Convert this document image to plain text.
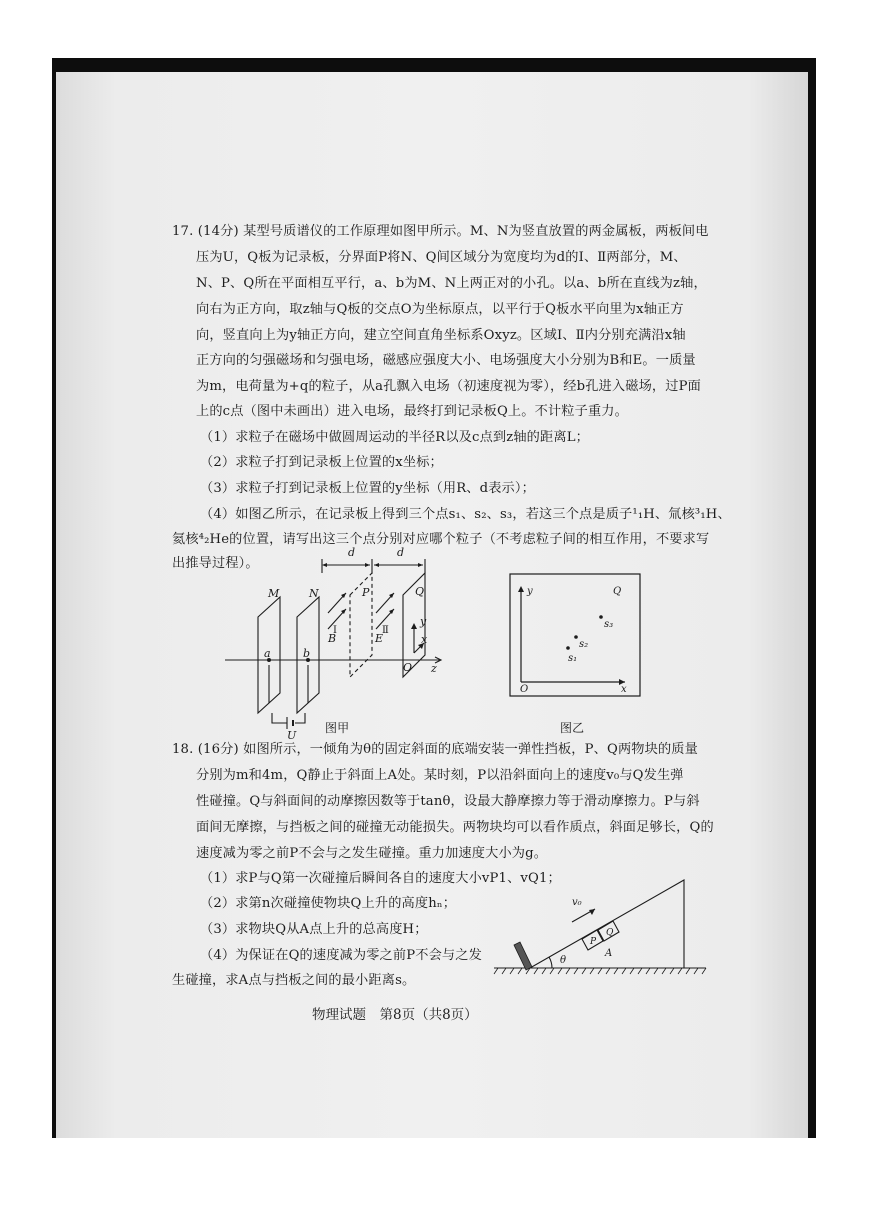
17. (14分) 某型号质谱仪的工作原理如图甲所示。M、N为竖直放置的两金属板，两板间电
压为U，Q板为记录板，分界面P将N、Q间区域分为宽度均为d的Ⅰ、Ⅱ两部分，M、
N、P、Q所在平面相互平行，a、b为M、N上两正对的小孔。以a、b所在直线为z轴，
向右为正方向，取z轴与Q板的交点O为坐标原点，以平行于Q板水平向里为x轴正方
向，竖直向上为y轴正方向，建立空间直角坐标系Oxyz。区域Ⅰ、Ⅱ内分别充满沿x轴
正方向的匀强磁场和匀强电场，磁感应强度大小、电场强度大小分别为B和E。一质量
为m，电荷量为+q的粒子，从a孔飘入电场（初速度视为零），经b孔进入磁场，过P面
上的c点（图中未画出）进入电场，最终打到记录板Q上。不计粒子重力。
（1）求粒子在磁场中做圆周运动的半径R以及c点到z轴的距离L；
（2）求粒子打到记录板上位置的x坐标；
（3）求粒子打到记录板上位置的y坐标（用R、d表示）；
（4）如图乙所示，在记录板上得到三个点s₁、s₂、s₃，若这三个点是质子¹₁H、氚核³₁H、
氦核⁴₂He的位置，请写出这三个点分别对应哪个粒子（不考虑粒子间的相互作用，不要求写
出推导过程）。
d	d
M	N
B
P
E
Q
y
x
z
a	b
O
U
Ⅰ	Ⅱ
图甲
y	Q
s₃
s₂
s₁
O	x
图乙
18. (16分) 如图所示，一倾角为θ的固定斜面的底端安装一弹性挡板，P、Q两物块的质量
分别为m和4m，Q静止于斜面上A处。某时刻，P以沿斜面向上的速度v₀与Q发生弹
性碰撞。Q与斜面间的动摩擦因数等于tanθ，设最大静摩擦力等于滑动摩擦力。P与斜
面间无摩擦，与挡板之间的碰撞无动能损失。两物块均可以看作质点，斜面足够长，Q的
速度减为零之前P不会与之发生碰撞。重力加速度大小为g。
（1）求P与Q第一次碰撞后瞬间各自的速度大小vP1、vQ1；
（2）求第n次碰撞使物块Q上升的高度hₙ；
（3）求物块Q从A点上升的总高度H；
（4）为保证在Q的速度减为零之前P不会与之发
生碰撞，求A点与挡板之间的最小距离s。
v₀
P
Q
A
θ
物理试题　第8页（共8页）
